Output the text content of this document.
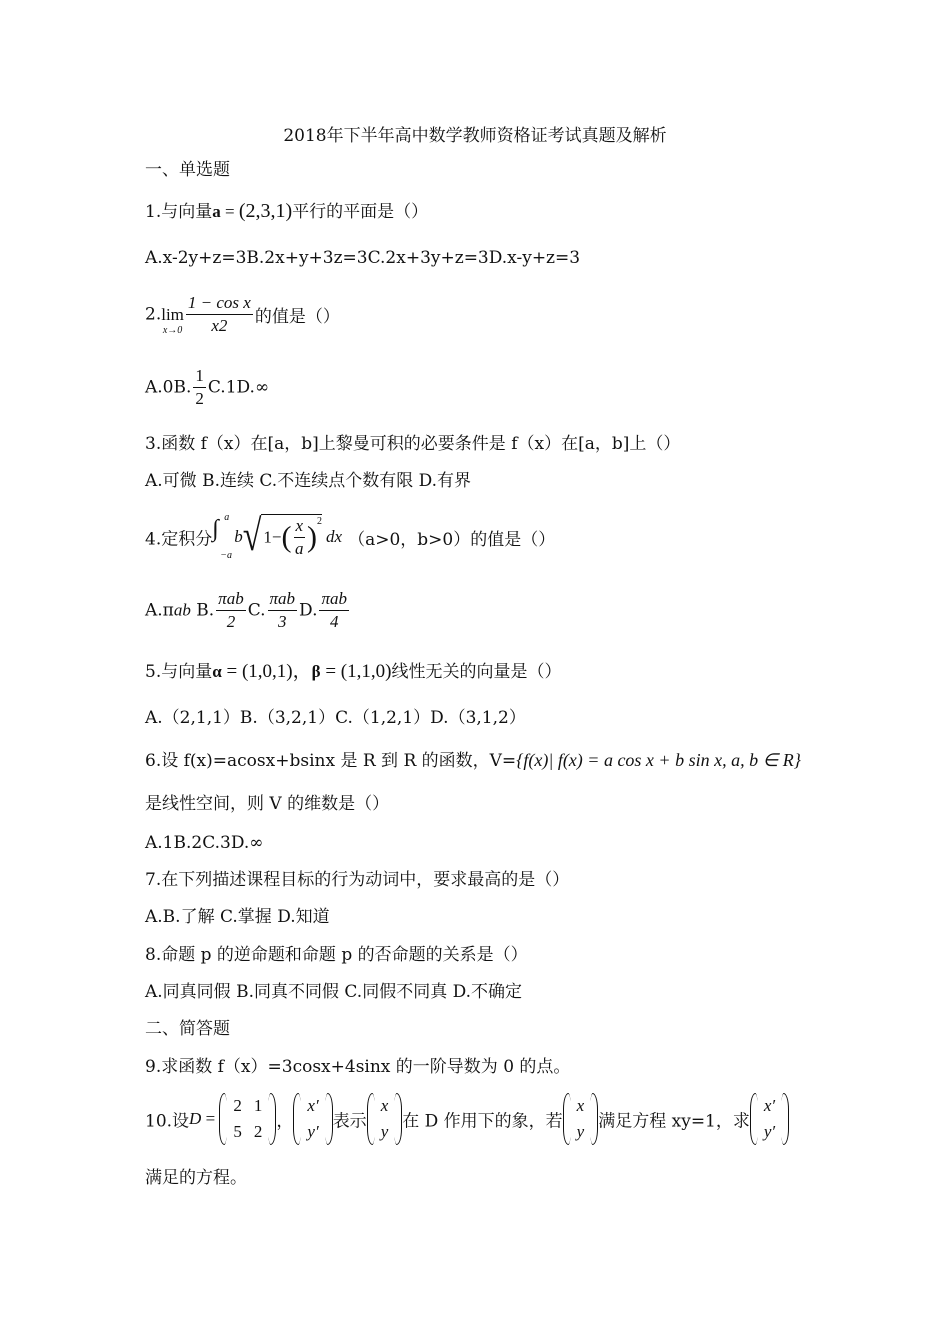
2018年下半年高中数学教师资格证考试真题及解析
一、单选题
1.与向量a = (2,3,1)平行的平面是（）
A.x-2y+z=3B.2x+y+3z=3C.2x+3y+z=3D.x-y+z=3
2. lim
$x\to 0 \frac{\text{1 − cos x}}{x2}$ 的值是（）
A.0B. $\frac{1}{2} C.1D.\infty$
3.函数 f（x）在[a，b]上黎曼可积的必要条件是 f（x）在[a，b]上（）
A.可微 B.连续 C.不连续点个数有限 D.有界
4.定积分 ∫ a
−a
b√ $1-( \frac{x}{a} )^2dx$ （a>0，b>0）的值是（）
A.πab B. $\frac{\text{πab}}{2} C$. $\frac{\text{πab}}{3} D$. $\frac{\text{πab}}{4}$
5.与向量α = (1,0,1)，β = (1,1,0)线性无关的向量是（）
A.（2,1,1）B.（3,2,1）C.（1,2,1）D.（3,1,2）
6.设 f(x)=acosx+bsinx 是 R 到 R 的函数，V={f(x)| f(x) = a cos x + b sin x, a, b ∈ R}
是线性空间，则 V 的维数是（）
A.1B.2C.3D.∞
7.在下列描述课程目标的行为动词中，要求最高的是（）
A.B.了解 C.掌握 D.知道
8.命题 p 的逆命题和命题 p 的否命题的关系是（）
A.同真同假 B.同真不同假 C.同假不同真 D.不确定
二、简答题
9.求函数 f（x）=3cosx+4sinx 的一阶导数为 0 的点。
10.设D =
2	1
5	2 ，
x′
y′ 表示
x
y 在 D 作用下的象，若
x
y 满足方程 xy=1，求
x′
y′
满足的方程。
